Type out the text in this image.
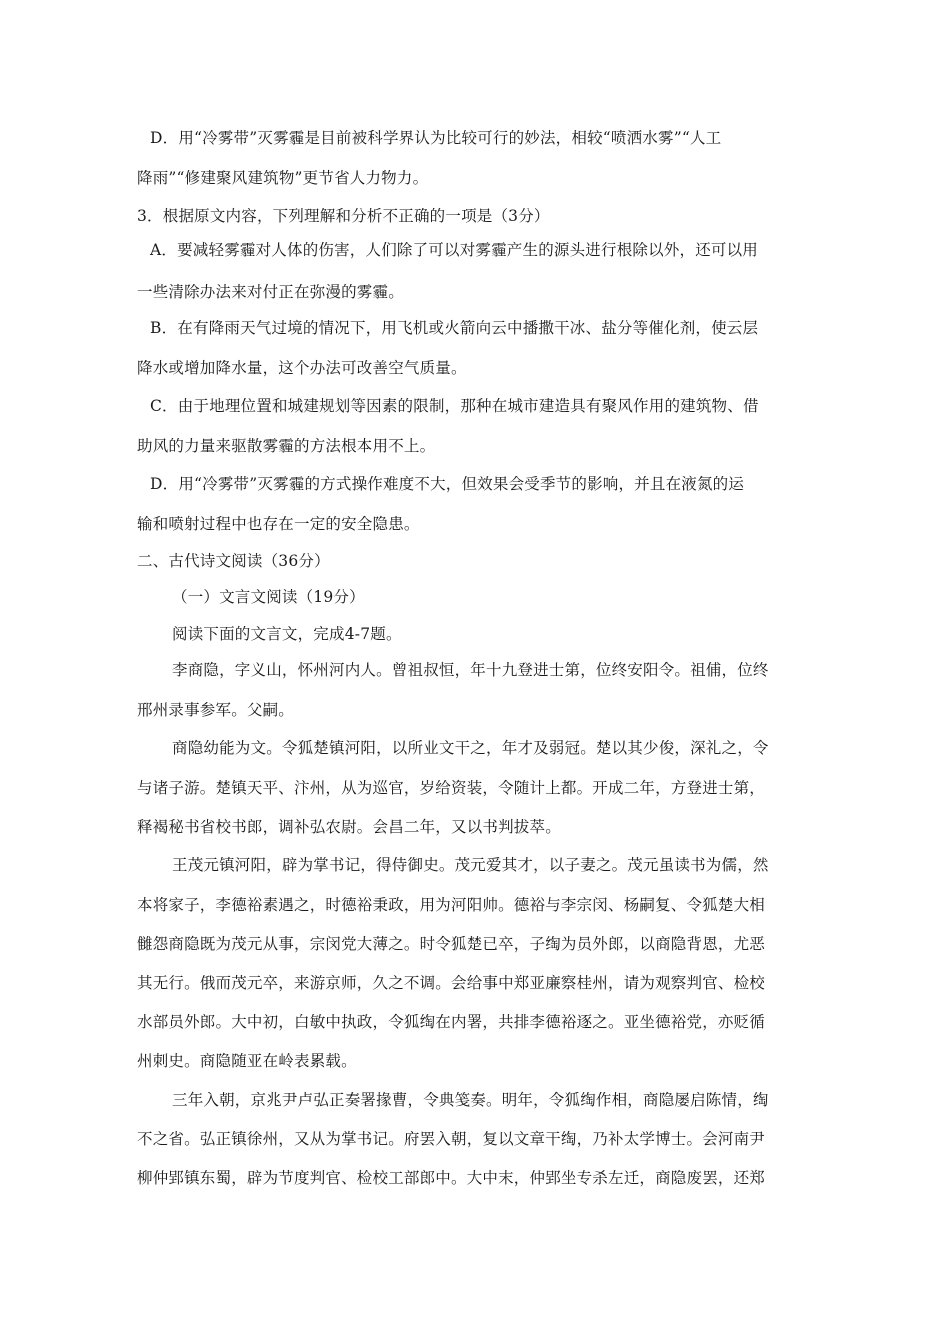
D．用“冷雾带”灭雾霾是目前被科学界认为比较可行的妙法，相较“喷洒水雾”“人工
降雨”“修建聚风建筑物”更节省人力物力。
3．根据原文内容，下列理解和分析不正确的一项是（3分）
A．要减轻雾霾对人体的伤害，人们除了可以对雾霾产生的源头进行根除以外，还可以用
一些清除办法来对付正在弥漫的雾霾。
B．在有降雨天气过境的情况下，用飞机或火箭向云中播撒干冰、盐分等催化剂，使云层
降水或增加降水量，这个办法可改善空气质量。
C．由于地理位置和城建规划等因素的限制，那种在城市建造具有聚风作用的建筑物、借
助风的力量来驱散雾霾的方法根本用不上。
D．用“冷雾带”灭雾霾的方式操作难度不大，但效果会受季节的影响，并且在液氮的运
输和喷射过程中也存在一定的安全隐患。
二、古代诗文阅读（36分）
（一）文言文阅读（19分）
阅读下面的文言文，完成4-7题。
李商隐，字义山，怀州河内人。曾祖叔恒，年十九登进士第，位终安阳令。祖俌，位终
邢州录事参军。父嗣。
商隐幼能为文。令狐楚镇河阳，以所业文干之，年才及弱冠。楚以其少俊，深礼之，令
与诸子游。楚镇天平、汴州，从为巡官，岁给资装，令随计上都。开成二年，方登进士第，
释褐秘书省校书郎，调补弘农尉。会昌二年，又以书判拔萃。
王茂元镇河阳，辟为掌书记，得侍御史。茂元爱其才，以子妻之。茂元虽读书为儒，然
本将家子，李德裕素遇之，时德裕秉政，用为河阳帅。德裕与李宗闵、杨嗣复、令狐楚大相
雠怨商隐既为茂元从事，宗闵党大薄之。时令狐楚已卒，子绹为员外郎，以商隐背恩，尤恶
其无行。俄而茂元卒，来游京师，久之不调。会给事中郑亚廉察桂州，请为观察判官、检校
水部员外郎。大中初，白敏中执政，令狐绹在内署，共排李德裕逐之。亚坐德裕党，亦贬循
州刺史。商隐随亚在岭表累载。
三年入朝，京兆尹卢弘正奏署掾曹，令典笺奏。明年，令狐绹作相，商隐屡启陈情，绹
不之省。弘正镇徐州，又从为掌书记。府罢入朝，复以文章干绹，乃补太学博士。会河南尹
柳仲郢镇东蜀，辟为节度判官、检校工部郎中。大中末，仲郢坐专杀左迁，商隐废罢，还郑
